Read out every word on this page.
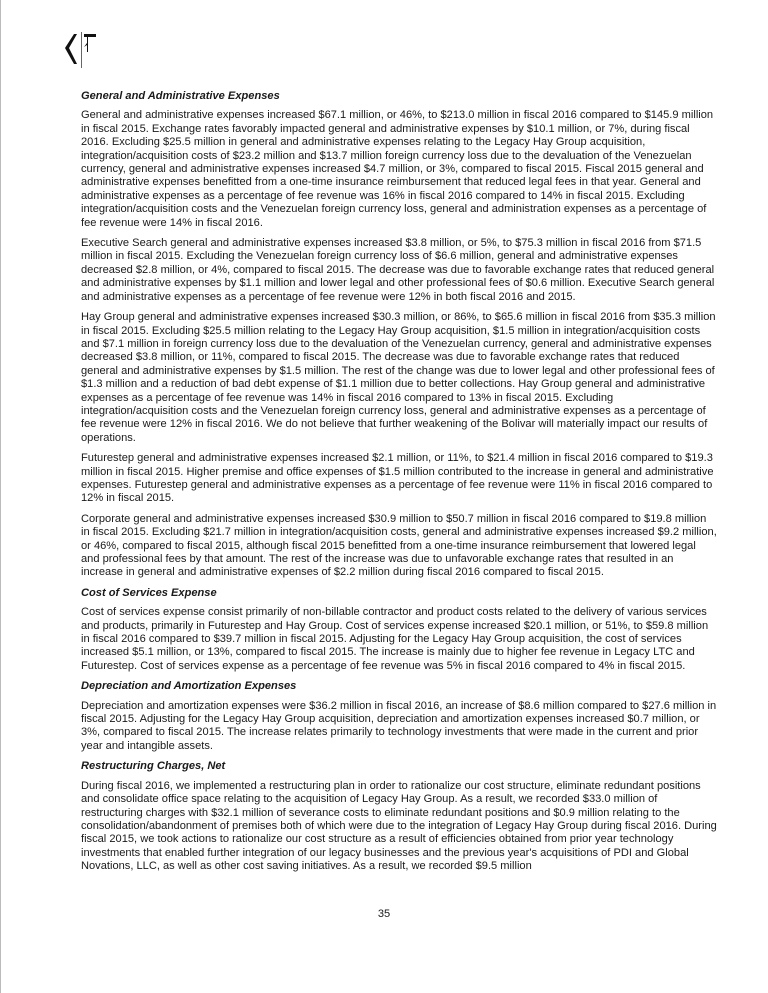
General and Administrative Expenses

General and administrative expenses increased $67.1 million, or 46%, to $213.0 million in fiscal 2016 compared to $145.9 million in fiscal 2015. Exchange rates favorably impacted general and administrative expenses by $10.1 million, or 7%, during fiscal 2016. Excluding $25.5 million in general and administrative expenses relating to the Legacy Hay Group acquisition, integration/acquisition costs of $23.2 million and $13.7 million foreign currency loss due to the devaluation of the Venezuelan currency, general and administrative expenses increased $4.7 million, or 3%, compared to fiscal 2015. Fiscal 2015 general and administrative expenses benefitted from a one-time insurance reimbursement that reduced legal fees in that year. General and administrative expenses as a percentage of fee revenue was 16% in fiscal 2016 compared to 14% in fiscal 2015. Excluding integration/acquisition costs and the Venezuelan foreign currency loss, general and administration expenses as a percentage of fee revenue were 14% in fiscal 2016.

Executive Search general and administrative expenses increased $3.8 million, or 5%, to $75.3 million in fiscal 2016 from $71.5 million in fiscal 2015. Excluding the Venezuelan foreign currency loss of $6.6 million, general and administrative expenses decreased $2.8 million, or 4%, compared to fiscal 2015. The decrease was due to favorable exchange rates that reduced general and administrative expenses by $1.1 million and lower legal and other professional fees of $0.6 million. Executive Search general and administrative expenses as a percentage of fee revenue were 12% in both fiscal 2016 and 2015.

Hay Group general and administrative expenses increased $30.3 million, or 86%, to $65.6 million in fiscal 2016 from $35.3 million in fiscal 2015. Excluding $25.5 million relating to the Legacy Hay Group acquisition, $1.5 million in integration/acquisition costs and $7.1 million in foreign currency loss due to the devaluation of the Venezuelan currency, general and administrative expenses decreased $3.8 million, or 11%, compared to fiscal 2015. The decrease was due to favorable exchange rates that reduced general and administrative expenses by $1.5 million. The rest of the change was due to lower legal and other professional fees of $1.3 million and a reduction of bad debt expense of $1.1 million due to better collections. Hay Group general and administrative expenses as a percentage of fee revenue was 14% in fiscal 2016 compared to 13% in fiscal 2015. Excluding integration/acquisition costs and the Venezuelan foreign currency loss, general and administrative expenses as a percentage of fee revenue were 12% in fiscal 2016. We do not believe that further weakening of the Bolivar will materially impact our results of operations.

Futurestep general and administrative expenses increased $2.1 million, or 11%, to $21.4 million in fiscal 2016 compared to $19.3 million in fiscal 2015. Higher premise and office expenses of $1.5 million contributed to the increase in general and administrative expenses. Futurestep general and administrative expenses as a percentage of fee revenue were 11% in fiscal 2016 compared to 12% in fiscal 2015.

Corporate general and administrative expenses increased $30.9 million to $50.7 million in fiscal 2016 compared to $19.8 million in fiscal 2015. Excluding $21.7 million in integration/acquisition costs, general and administrative expenses increased $9.2 million, or 46%, compared to fiscal 2015, although fiscal 2015 benefitted from a one-time insurance reimbursement that lowered legal and professional fees by that amount. The rest of the increase was due to unfavorable exchange rates that resulted in an increase in general and administrative expenses of $2.2 million during fiscal 2016 compared to fiscal 2015.

Cost of Services Expense

Cost of services expense consist primarily of non-billable contractor and product costs related to the delivery of various services and products, primarily in Futurestep and Hay Group. Cost of services expense increased $20.1 million, or 51%, to $59.8 million in fiscal 2016 compared to $39.7 million in fiscal 2015. Adjusting for the Legacy Hay Group acquisition, the cost of services increased $5.1 million, or 13%, compared to fiscal 2015. The increase is mainly due to higher fee revenue in Legacy LTC and Futurestep. Cost of services expense as a percentage of fee revenue was 5% in fiscal 2016 compared to 4% in fiscal 2015.

Depreciation and Amortization Expenses

Depreciation and amortization expenses were $36.2 million in fiscal 2016, an increase of $8.6 million compared to $27.6 million in fiscal 2015. Adjusting for the Legacy Hay Group acquisition, depreciation and amortization expenses increased $0.7 million, or 3%, compared to fiscal 2015. The increase relates primarily to technology investments that were made in the current and prior year and intangible assets.

Restructuring Charges, Net

During fiscal 2016, we implemented a restructuring plan in order to rationalize our cost structure, eliminate redundant positions and consolidate office space relating to the acquisition of Legacy Hay Group. As a result, we recorded $33.0 million of restructuring charges with $32.1 million of severance costs to eliminate redundant positions and $0.9 million relating to the consolidation/abandonment of premises both of which were due to the integration of Legacy Hay Group during fiscal 2016. During fiscal 2015, we took actions to rationalize our cost structure as a result of efficiencies obtained from prior year technology investments that enabled further integration of our legacy businesses and the previous year's acquisitions of PDI and Global Novations, LLC, as well as other cost saving initiatives. As a result, we recorded $9.5 million

35
